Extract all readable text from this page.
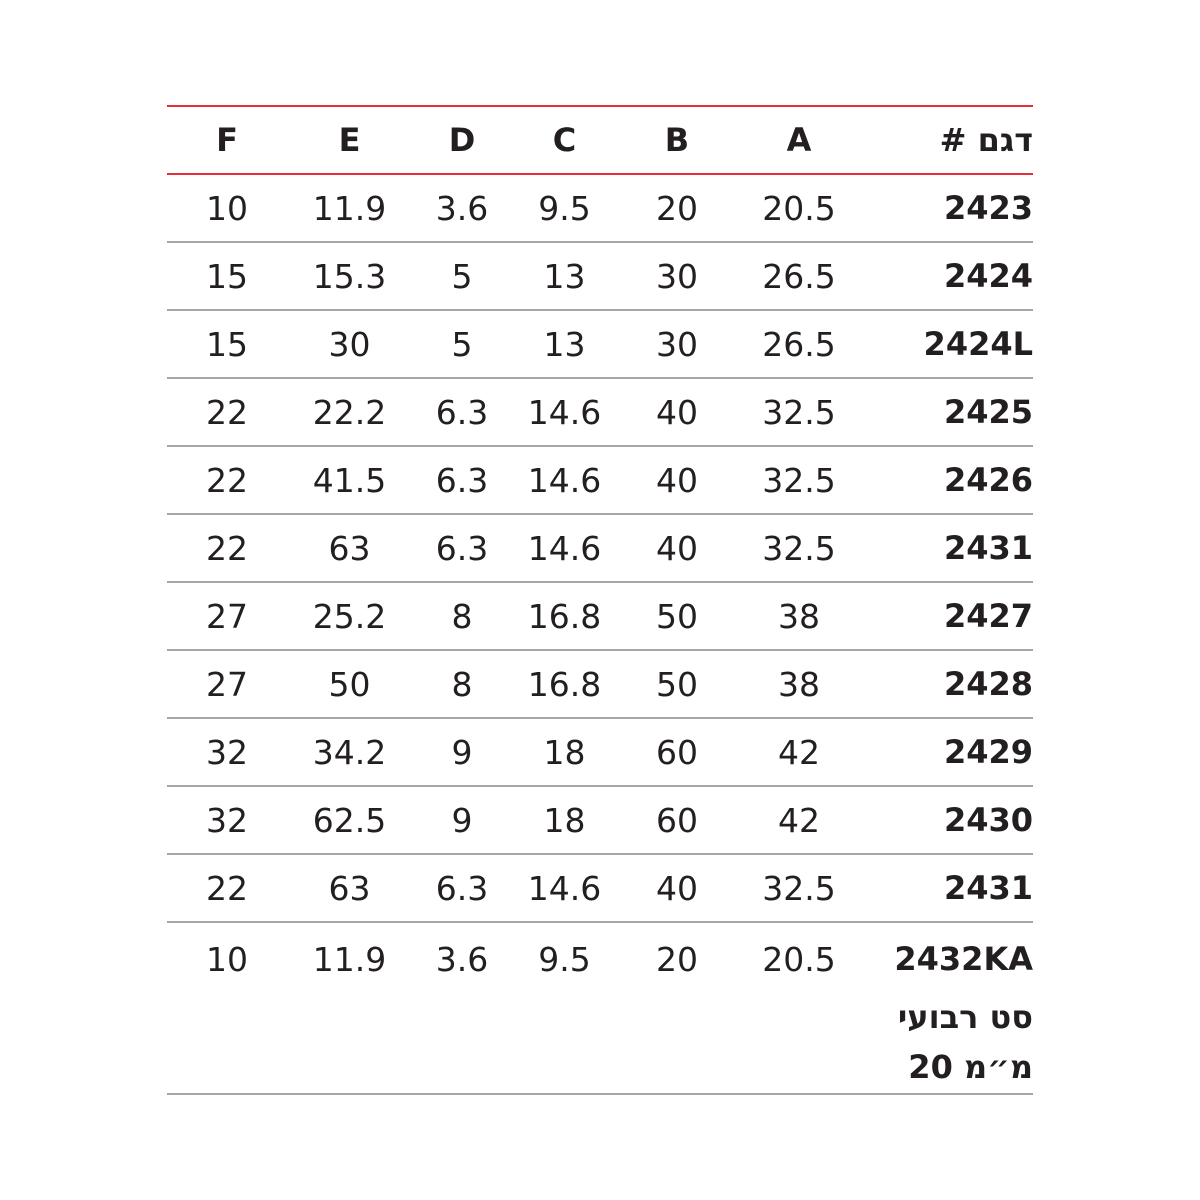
F	E	D	C	B	A	דגם #
10	11.9	3.6	9.5	20	20.5	2423
15	15.3	5	13	30	26.5	2424
15	30	5	13	30	26.5	2424L
22	22.2	6.3	14.6	40	32.5	2425
22	41.5	6.3	14.6	40	32.5	2426
22	63	6.3	14.6	40	32.5	2431
27	25.2	8	16.8	50	38	2427
27	50	8	16.8	50	38	2428
32	34.2	9	18	60	42	2429
32	62.5	9	18	60	42	2430
22	63	6.3	14.6	40	32.5	2431
10	11.9	3.6	9.5	20	20.5	2432KA
סט רבועי
מ״מ 20
